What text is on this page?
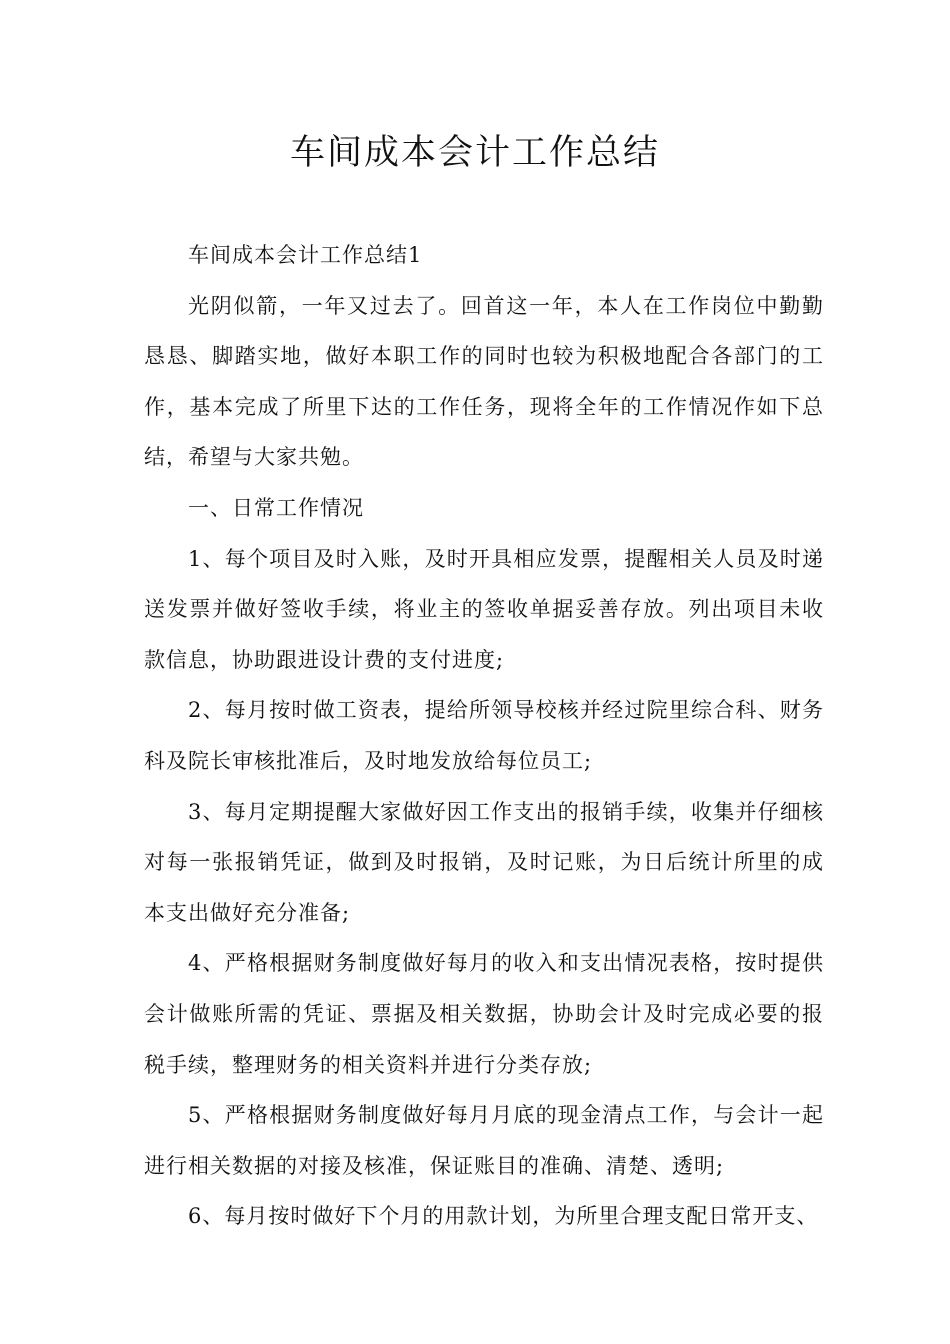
车间成本会计工作总结

车间成本会计工作总结1

光阴似箭，一年又过去了。回首这一年，本人在工作岗位中勤勤恳恳、脚踏实地，做好本职工作的同时也较为积极地配合各部门的工作，基本完成了所里下达的工作任务，现将全年的工作情况作如下总结，希望与大家共勉。

一、日常工作情况

1、每个项目及时入账，及时开具相应发票，提醒相关人员及时递送发票并做好签收手续，将业主的签收单据妥善存放。列出项目未收款信息，协助跟进设计费的支付进度;

2、每月按时做工资表，提给所领导校核并经过院里综合科、财务科及院长审核批准后，及时地发放给每位员工;

3、每月定期提醒大家做好因工作支出的报销手续，收集并仔细核对每一张报销凭证，做到及时报销，及时记账，为日后统计所里的成本支出做好充分准备;

4、严格根据财务制度做好每月的收入和支出情况表格，按时提供会计做账所需的凭证、票据及相关数据，协助会计及时完成必要的报税手续，整理财务的相关资料并进行分类存放;

5、严格根据财务制度做好每月月底的现金清点工作，与会计一起进行相关数据的对接及核准，保证账目的准确、清楚、透明;

6、每月按时做好下个月的用款计划，为所里合理支配日常开支、
